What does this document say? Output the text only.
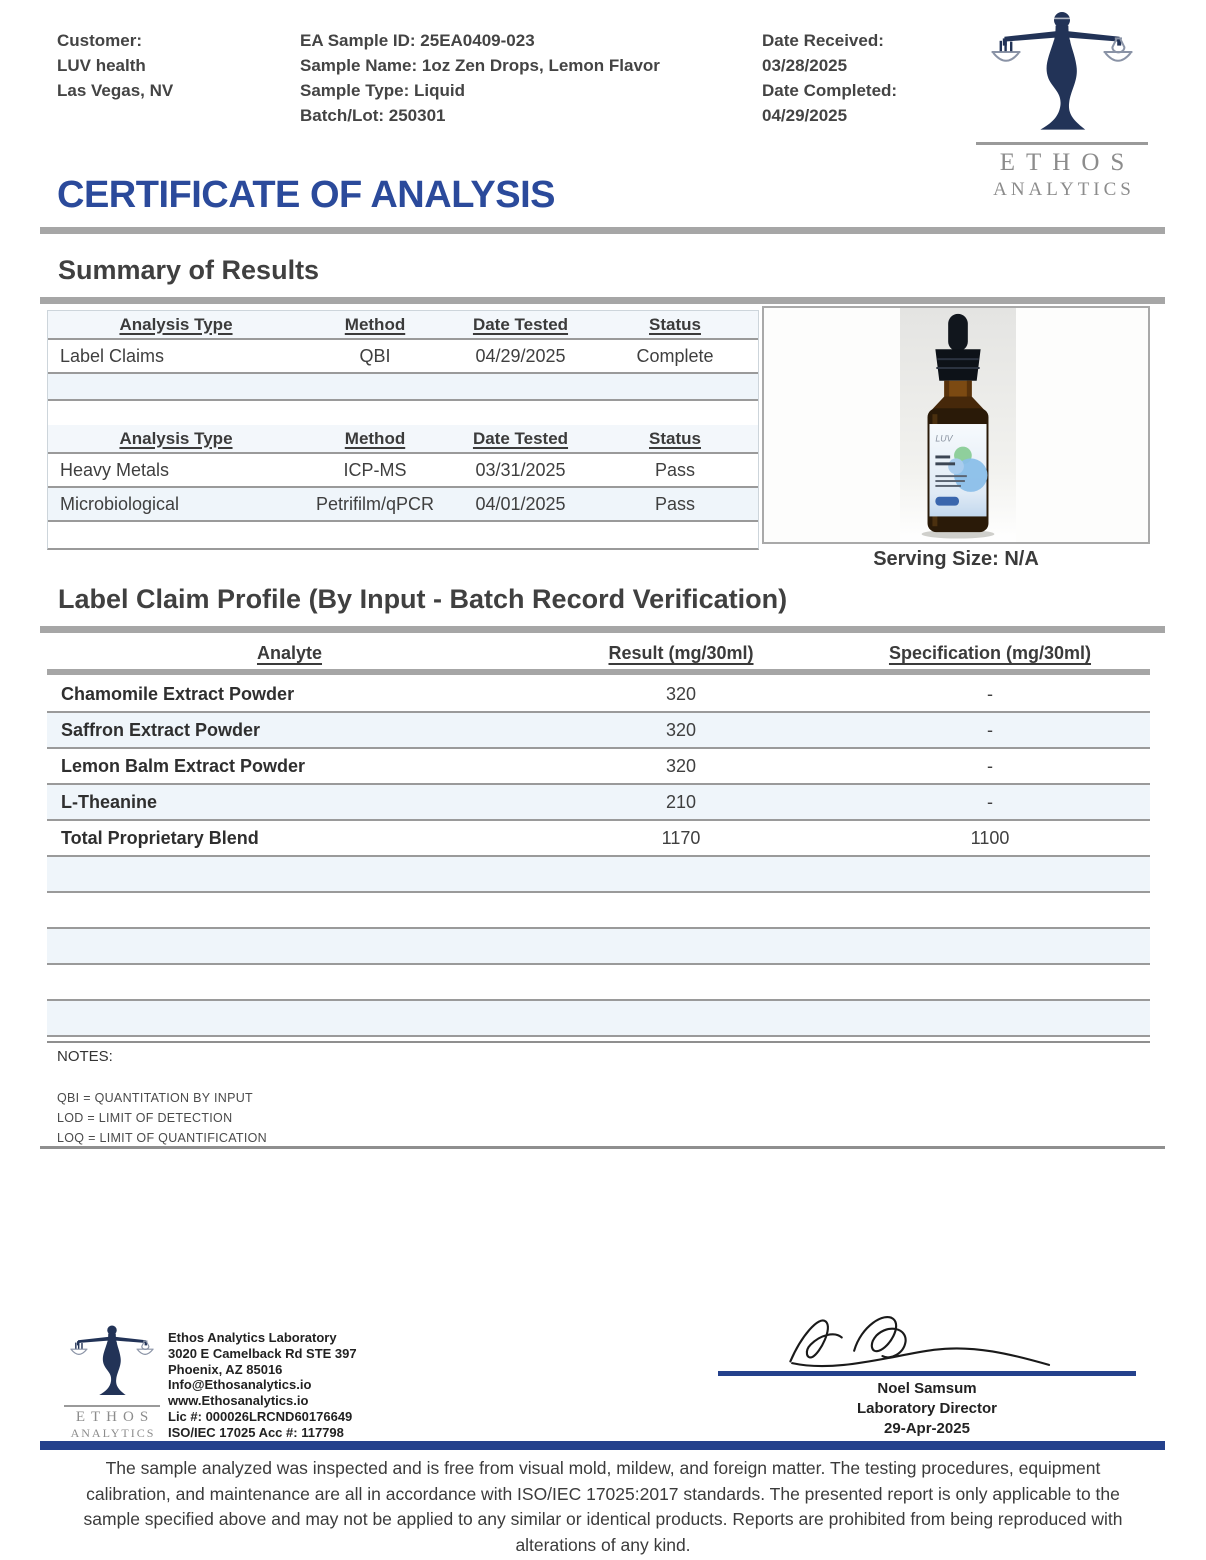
Customer:
LUV health
Las Vegas, NV
EA Sample ID: 25EA0409-023
Sample Name: 1oz Zen Drops, Lemon Flavor
Sample Type: Liquid
Batch/Lot: 250301
Date Received:
03/28/2025
Date Completed:
04/29/2025
ETHOS
ANALYTICS
CERTIFICATE OF ANALYSIS
Summary of Results
Analysis Type	Method	Date Tested	Status
Label Claims	QBI	04/29/2025	Complete
Analysis Type	Method	Date Tested	Status
Heavy Metals	ICP-MS	03/31/2025	Pass
Microbiological	Petrifilm/qPCR	04/01/2025	Pass
LUV
Serving Size: N/A
Label Claim Profile (By Input - Batch Record Verification)
Analyte	Result (mg/30ml)	Specification (mg/30ml)
Chamomile Extract Powder	320	-
Saffron Extract Powder	320	-
Lemon Balm Extract Powder	320	-
L-Theanine	210	-
Total Proprietary Blend	1170	1100
NOTES:
QBI = QUANTITATION BY INPUT
LOD = LIMIT OF DETECTION
LOQ = LIMIT OF QUANTIFICATION
ETHOS
ANALYTICS
Ethos Analytics Laboratory
3020 E Camelback Rd STE 397
Phoenix, AZ 85016
Info@Ethosanalytics.io
www.Ethosanalytics.io
Lic #: 000026LRCND60176649
ISO/IEC 17025 Acc #: 117798
Noel Samsum
Laboratory Director
29-Apr-2025
The sample analyzed was inspected and is free from visual mold, mildew, and foreign matter. The testing procedures, equipment calibration, and maintenance are all in accordance with ISO/IEC 17025:2017 standards. The presented report is only applicable to the sample specified above and may not be applied to any similar or identical products. Reports are prohibited from being reproduced with alterations of any kind.
